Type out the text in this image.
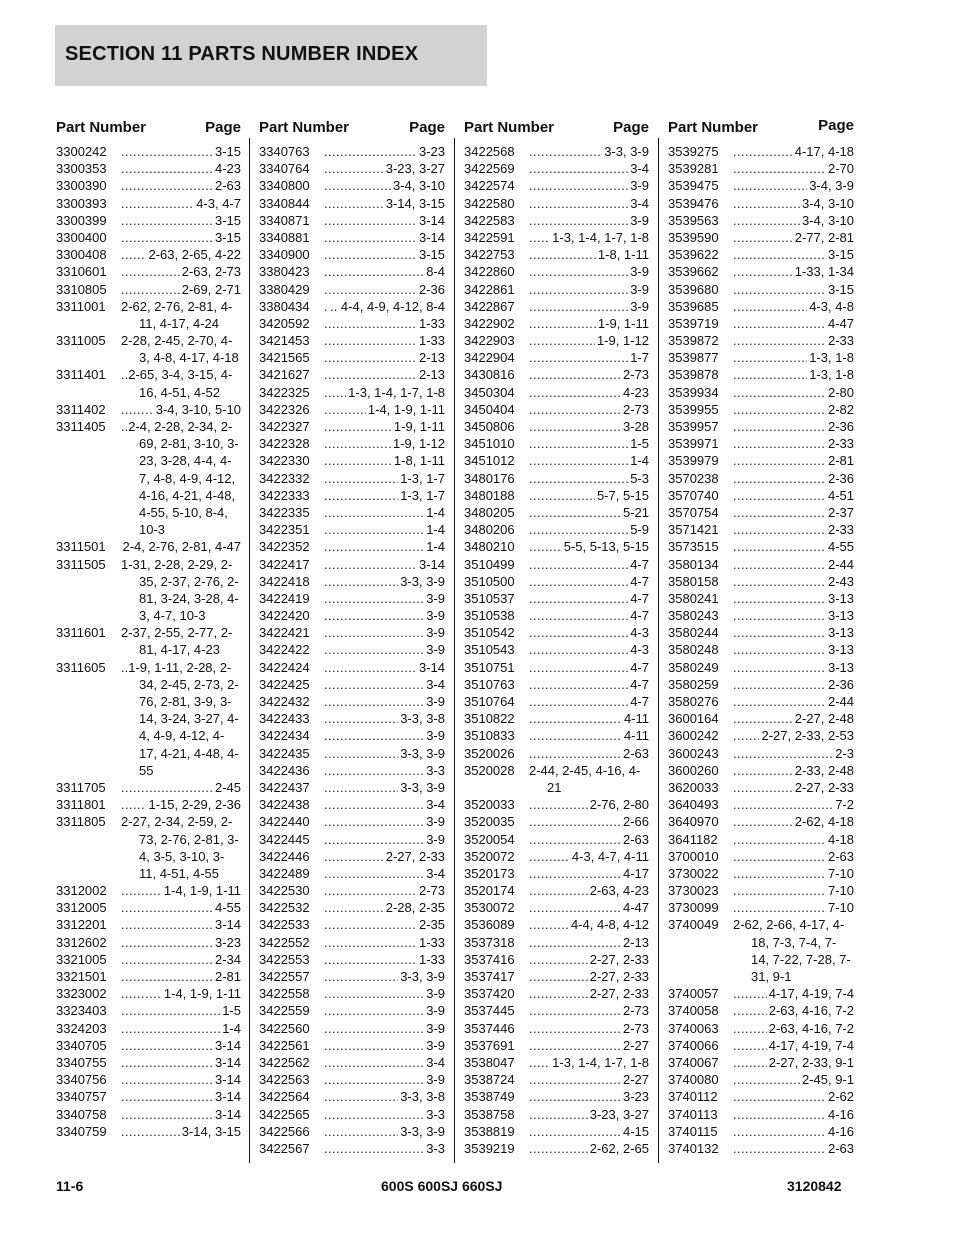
SECTION 11 PARTS NUMBER INDEX
Part Number	Page
3300242 .....	3-15
3300353 .....	4-23
3300390 .....	2-63
3300393 .....	4-3, 4-7
3300399 .....	3-15
3300400 .....	3-15
3300408 .....	2-63, 2-65, 4-22
3310601 .....	2-63, 2-73
3310805 .....	2-69, 2-71
3311001 2-62, 2-76, 2-81, 4-11, 4-17, 4-24
3311005 2-28, 2-45, 2-70, 4-3, 4-8, 4-17, 4-18
3311401 ..2-65, 3-4, 3-15, 4-16, 4-51, 4-52
3311402 .....	3-4, 3-10, 5-10
3311405 ..2-4, 2-28, 2-34, 2-69, 2-81, 3-10, 3-23, 3-28, 4-4, 4-7, 4-8, 4-9, 4-12, 4-16, 4-21, 4-48, 4-55, 5-10, 8-4, 10-3
3311501 2-4, 2-76, 2-81, 4-47
3311505 1-31, 2-28, 2-29, 2-35, 2-37, 2-76, 2-81, 3-24, 3-28, 4-3, 4-7, 10-3
3311601 2-37, 2-55, 2-77, 2-81, 4-17, 4-23
3311605 ..1-9, 1-11, 2-28, 2-34, 2-45, 2-73, 2-76, 2-81, 3-9, 3-14, 3-24, 3-27, 4-4, 4-9, 4-12, 4-17, 4-21, 4-48, 4-55
3311705 .....	2-45
3311801 .....	1-15, 2-29, 2-36
3311805 2-27, 2-34, 2-59, 2-73, 2-76, 2-81, 3-4, 3-5, 3-10, 3-11, 4-51, 4-55
3312002 .....	1-4, 1-9, 1-11
3312005 .....	4-55
3312201 .....	3-14
3312602 .....	3-23
3321005 .....	2-34
3321501 .....	2-81
3323002 .....	1-4, 1-9, 1-11
3323403 .....	1-5
3324203 .....	1-4
3340705 .....	3-14
3340755 .....	3-14
3340756 .....	3-14
3340757 .....	3-14
3340758 .....	3-14
3340759 .....	3-14, 3-15
Part Number	Page
3340763 .....	3-23
3340764 .....	3-23, 3-27
3340800 .....	3-4, 3-10
3340844 .....	3-14, 3-15
3340871 .....	3-14
3340881 .....	3-14
3340900 .....	3-15
3380423 .....	8-4
3380429 .....	2-36
3380434 ..... .. 4-4, 4-9, 4-12, 8-4
3420592 .....	1-33
3421453 .....	1-33
3421565 .....	2-13
3421627 .....	2-13
3422325 .....	1-3, 1-4, 1-7, 1-8
3422326 .....	1-4, 1-9, 1-11
3422327 .....	1-9, 1-11
3422328 .....	1-9, 1-12
3422330 .....	1-8, 1-11
3422332 .....	1-3, 1-7
3422333 .....	1-3, 1-7
3422335 .....	1-4
3422351 .....	1-4
3422352 .....	1-4
3422417 .....	3-14
3422418 .....	3-3, 3-9
3422419 .....	3-9
3422420 .....	3-9
3422421 .....	3-9
3422422 .....	3-9
3422424 .....	3-14
3422425 .....	3-4
3422432 .....	3-9
3422433 .....	3-3, 3-8
3422434 .....	3-9
3422435 .....	3-3, 3-9
3422436 .....	3-3
3422437 .....	3-3, 3-9
3422438 .....	3-4
3422440 .....	3-9
3422445 .....	3-9
3422446 .....	2-27, 2-33
3422489 .....	3-4
3422530 .....	2-73
3422532 .....	2-28, 2-35
3422533 .....	2-35
3422552 .....	1-33
3422553 .....	1-33
3422557 .....	3-3, 3-9
3422558 .....	3-9
3422559 .....	3-9
3422560 .....	3-9
3422561 .....	3-9
3422562 .....	3-4
3422563 .....	3-9
3422564 .....	3-3, 3-8
3422565 .....	3-3
3422566 .....	3-3, 3-9
3422567 .....	3-3
Part Number	Page
3422568 .....	3-3, 3-9
3422569 .....	3-4
3422574 .....	3-9
3422580 .....	3-4
3422583 .....	3-9
3422591 .....	1-3, 1-4, 1-7, 1-8
3422753 .....	1-8, 1-11
3422860 .....	3-9
3422861 .....	3-9
3422867 .....	3-9
3422902 .....	1-9, 1-11
3422903 .....	1-9, 1-12
3422904 .....	1-7
3430816 .....	2-73
3450304 .....	4-23
3450404 .....	2-73
3450806 .....	3-28
3451010 .....	1-5
3451012 .....	1-4
3480176 .....	5-3
3480188 .....	5-7, 5-15
3480205 .....	5-21
3480206 .....	5-9
3480210 .....	5-5, 5-13, 5-15
3510499 .....	4-7
3510500 .....	4-7
3510537 .....	4-7
3510538 .....	4-7
3510542 .....	4-3
3510543 .....	4-3
3510751 .....	4-7
3510763 .....	4-7
3510764 .....	4-7
3510822 .....	4-11
3510833 .....	4-11
3520026 .....	2-63
3520028 2-44, 2-45, 4-16, 4-21
3520033 .....	2-76, 2-80
3520035 .....	2-66
3520054 .....	2-63
3520072 .....	4-3, 4-7, 4-11
3520173 .....	4-17
3520174 .....	2-63, 4-23
3530072 .....	4-47
3536089 .....	4-4, 4-8, 4-12
3537318 .....	2-13
3537416 .....	2-27, 2-33
3537417 .....	2-27, 2-33
3537420 .....	2-27, 2-33
3537445 .....	2-73
3537446 .....	2-73
3537691 .....	2-27
3538047 .....	1-3, 1-4, 1-7, 1-8
3538724 .....	2-27
3538749 .....	3-23
3538758 .....	3-23, 3-27
3538819 .....	4-15
3539219 .....	2-62, 2-65
Part Number	Page
3539275 .....	4-17, 4-18
3539281 .....	2-70
3539475 .....	3-4, 3-9
3539476 .....	3-4, 3-10
3539563 .....	3-4, 3-10
3539590 .....	2-77, 2-81
3539622 .....	3-15
3539662 .....	1-33, 1-34
3539680 .....	3-15
3539685 .....	4-3, 4-8
3539719 .....	4-47
3539872 .....	2-33
3539877 .....	1-3, 1-8
3539878 .....	1-3, 1-8
3539934 .....	2-80
3539955 .....	2-82
3539957 .....	2-36
3539971 .....	2-33
3539979 .....	2-81
3570238 .....	2-36
3570740 .....	4-51
3570754 .....	2-37
3571421 .....	2-33
3573515 .....	4-55
3580134 .....	2-44
3580158 .....	2-43
3580241 .....	3-13
3580243 .....	3-13
3580244 .....	3-13
3580248 .....	3-13
3580249 .....	3-13
3580259 .....	2-36
3580276 .....	2-44
3600164 .....	2-27, 2-48
3600242 .....	2-27, 2-33, 2-53
3600243 .....	2-3
3600260 .....	2-33, 2-48
3620033 .....	2-27, 2-33
3640493 .....	7-2
3640970 .....	2-62, 4-18
3641182 .....	4-18
3700010 .....	2-63
3730022 .....	7-10
3730023 .....	7-10
3730099 .....	7-10
3740049 2-62, 2-66, 4-17, 4-18, 7-3, 7-4, 7-14, 7-22, 7-28, 7-31, 9-1
3740057 .....	4-17, 4-19, 7-4
3740058 .....	2-63, 4-16, 7-2
3740063 .....	2-63, 4-16, 7-2
3740066 .....	4-17, 4-19, 7-4
3740067 .....	2-27, 2-33, 9-1
3740080 .....	2-45, 9-1
3740112 .....	2-62
3740113 .....	4-16
3740115 .....	4-16
3740132 .....	2-63
11-6	600S 600SJ 660SJ	3120842
